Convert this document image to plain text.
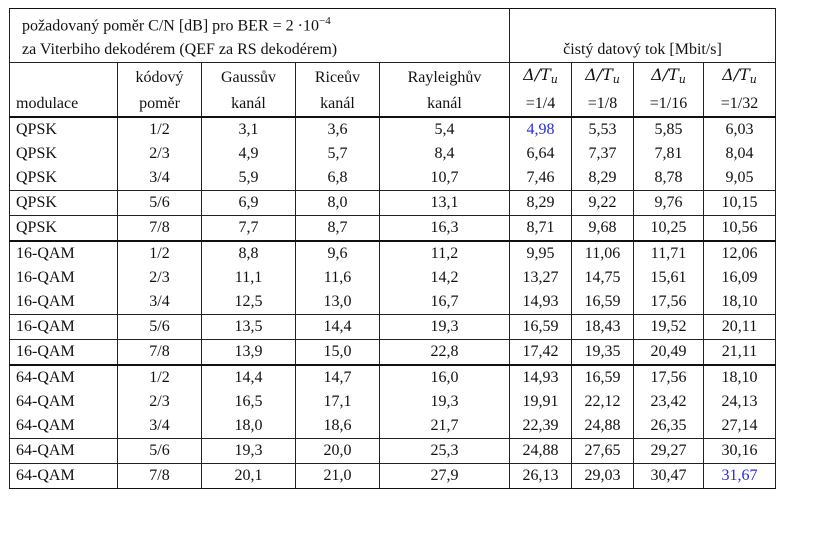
požadovaný poměr C/N [dB] pro BER = $2 \cdot 10^{-4}$	
za Viterbiho dekodérem (QEF za RS dekodérem)					čistý datový tok [Mbit/s]			
	kódový	Gaussův	Riceův	Rayleighův	$\Delta/T_u$	$\Delta/T_u$	$\Delta/T_u$	$\Delta/T_u$
modulace	poměr	kanál	kanál	kanál	=1/4	=1/8	=1/16	=1/32
QPSK	1/2	3,1	3,6	5,4	4,98	5,53	5,85	6,03
QPSK	2/3	4,9	5,7	8,4	6,64	7,37	7,81	8,04
QPSK	3/4	5,9	6,8	10,7	7,46	8,29	8,78	9,05
QPSK	5/6	6,9	8,0	13,1	8,29	9,22	9,76	10,15
QPSK	7/8	7,7	8,7	16,3	8,71	9,68	10,25	10,56
16-QAM	1/2	8,8	9,6	11,2	9,95	11,06	11,71	12,06
16-QAM	2/3	11,1	11,6	14,2	13,27	14,75	15,61	16,09
16-QAM	3/4	12,5	13,0	16,7	14,93	16,59	17,56	18,10
16-QAM	5/6	13,5	14,4	19,3	16,59	18,43	19,52	20,11
16-QAM	7/8	13,9	15,0	22,8	17,42	19,35	20,49	21,11
64-QAM	1/2	14,4	14,7	16,0	14,93	16,59	17,56	18,10
64-QAM	2/3	16,5	17,1	19,3	19,91	22,12	23,42	24,13
64-QAM	3/4	18,0	18,6	21,7	22,39	24,88	26,35	27,14
64-QAM	5/6	19,3	20,0	25,3	24,88	27,65	29,27	30,16
64-QAM	7/8	20,1	21,0	27,9	26,13	29,03	30,47	31,67
